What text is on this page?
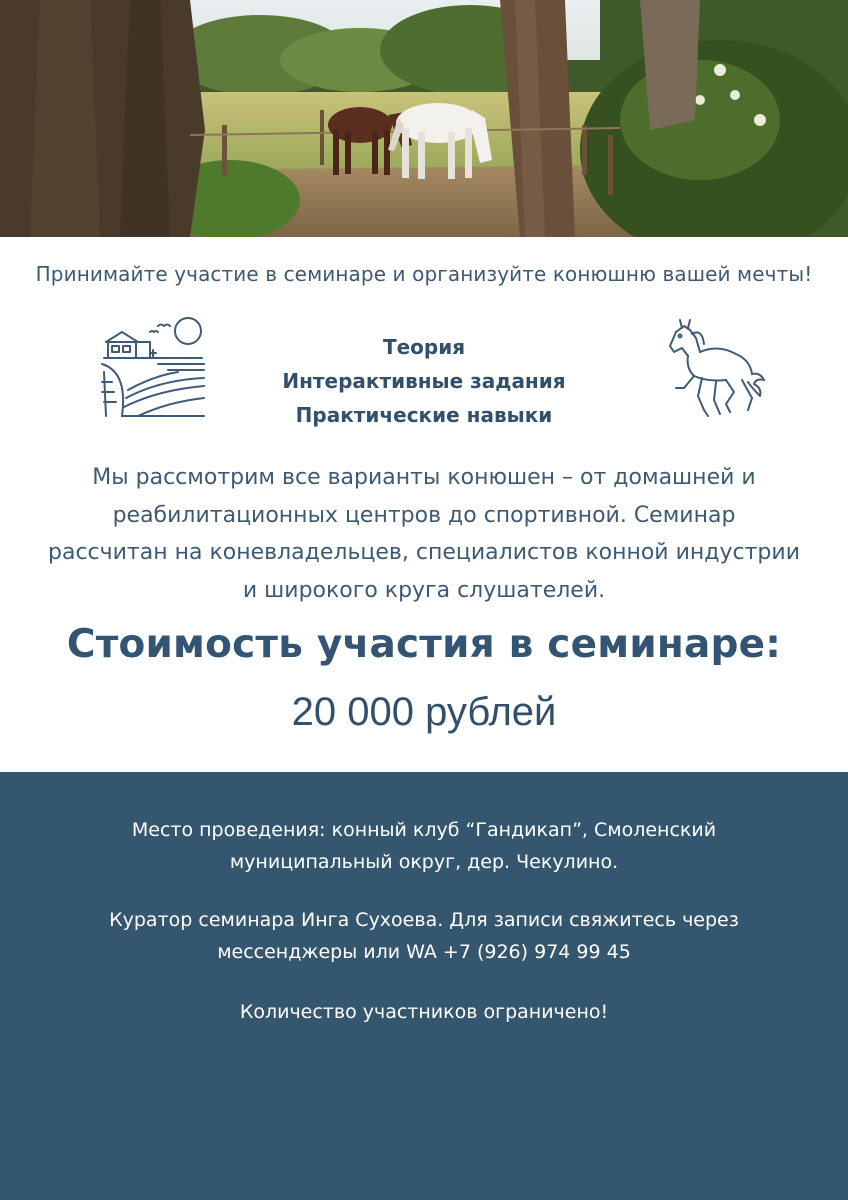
Принимайте участие в семинаре и организуйте конюшню вашей мечты!
Теория
Интерактивные задания
Практические навыки
Мы рассмотрим все варианты конюшен – от домашней и
реабилитационных центров до спортивной. Семинар
рассчитан на коневладельцев, специалистов конной индустрии
и широкого круга слушателей.
Стоимость участия в семинаре:
20 000 рублей
Место проведения: конный клуб “Гандикап”, Смоленский
муниципальный округ, дер. Чекулино.
Куратор семинара Инга Сухоева. Для записи свяжитесь через
мессенджеры или WA +7 (926) 974 99 45
Количество участников ограничено!
